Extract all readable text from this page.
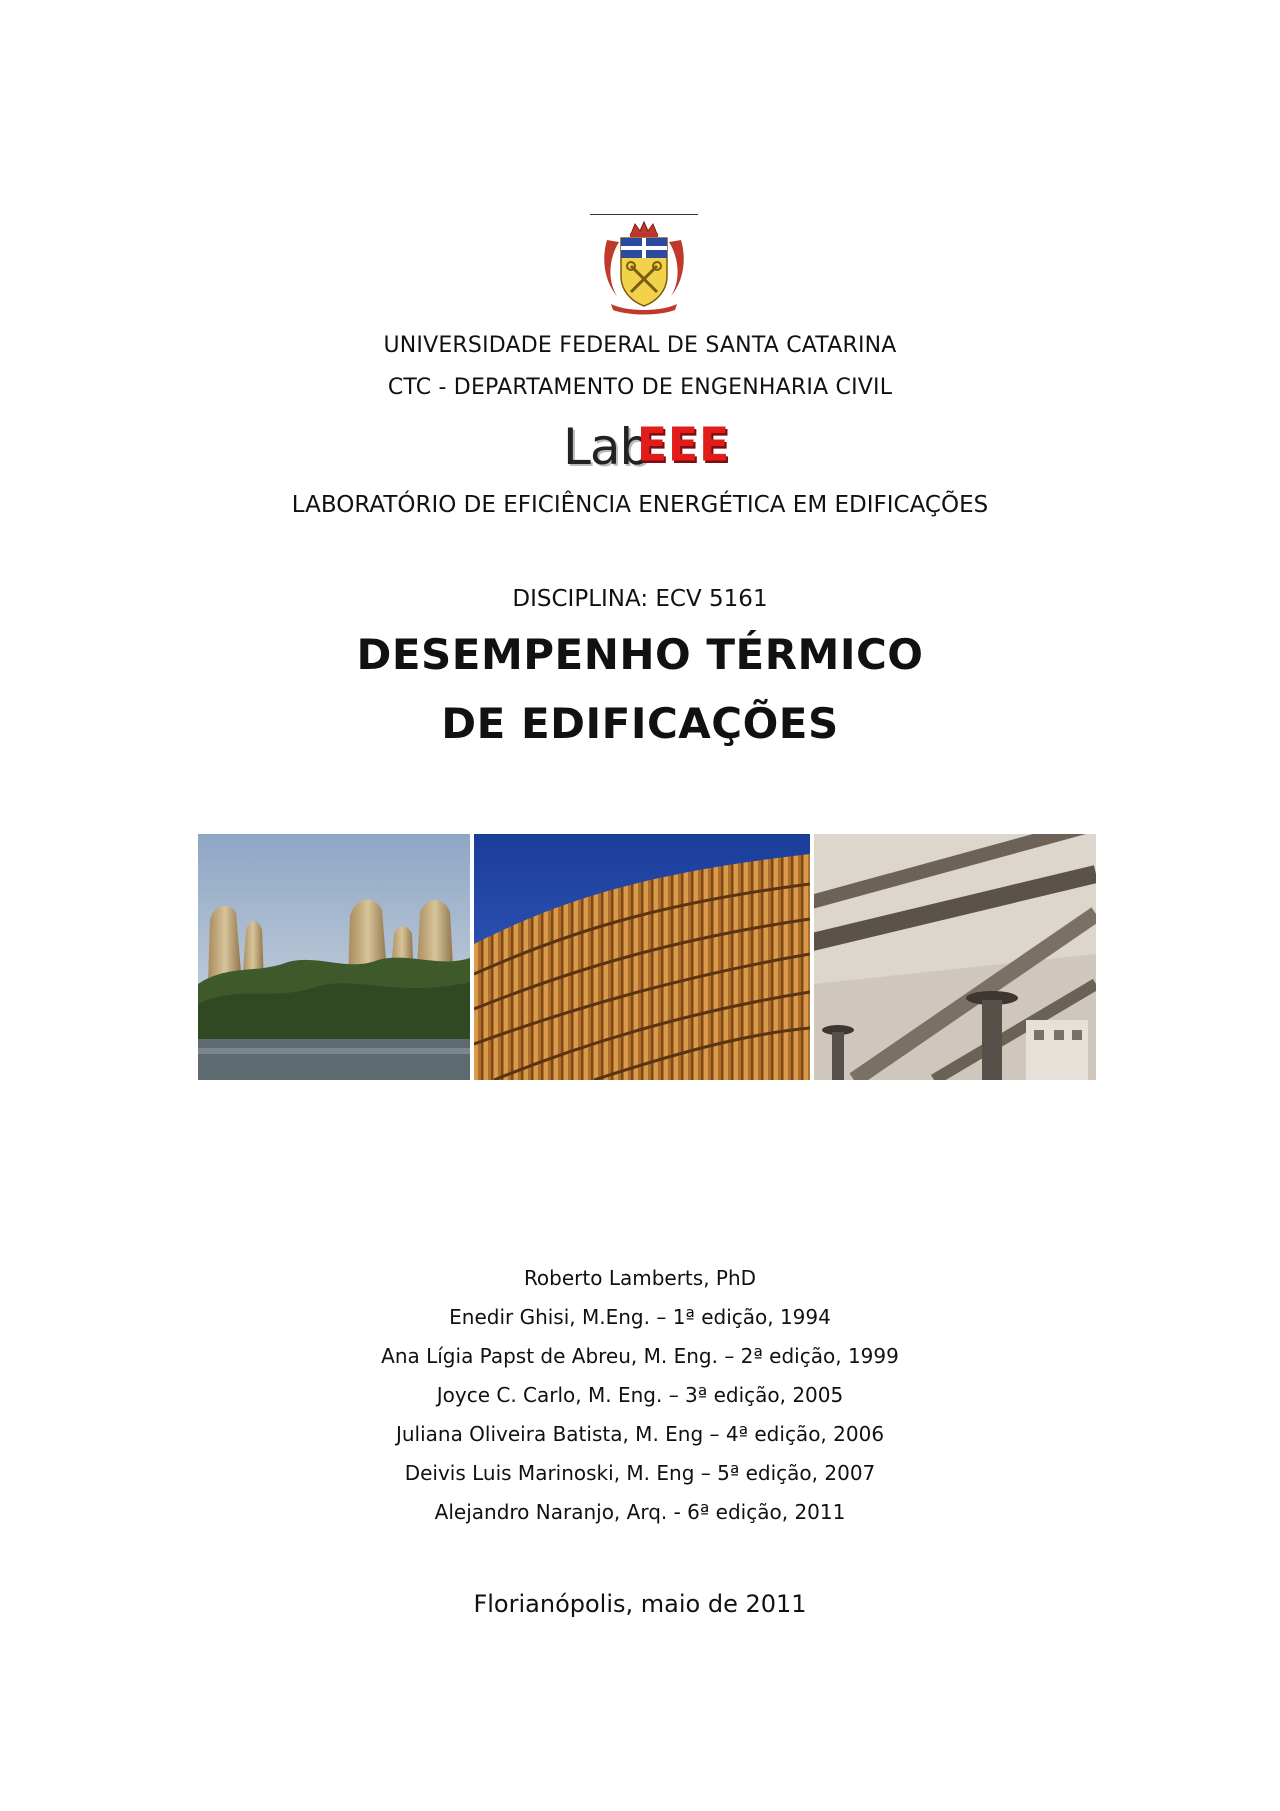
UNIVERSIDADE FEDERAL DE SANTA CATARINA
CTC - DEPARTAMENTO DE ENGENHARIA CIVIL
Lab
EEE
LABORATÓRIO DE EFICIÊNCIA ENERGÉTICA EM EDIFICAÇÕES
DISCIPLINA: ECV 5161
DESEMPENHO TÉRMICO
DE EDIFICAÇÕES
Roberto Lamberts, PhD
Enedir Ghisi, M.Eng. – 1ª edição, 1994
Ana Lígia Papst de Abreu, M. Eng. – 2ª edição, 1999
Joyce C. Carlo, M. Eng. – 3ª edição, 2005
Juliana Oliveira Batista, M. Eng – 4ª edição, 2006
Deivis Luis Marinoski, M. Eng – 5ª edição, 2007
Alejandro Naranjo, Arq. - 6ª edição, 2011
Florianópolis, maio de 2011
